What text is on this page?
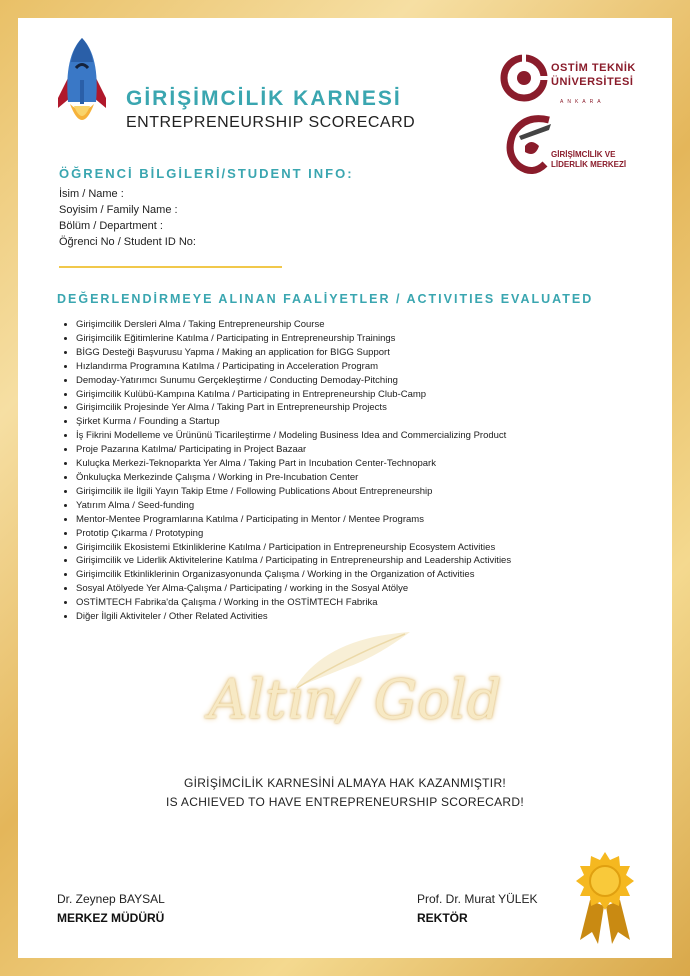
GİRİŞİMCİLİK KARNESİ
ENTREPRENEURSHIP SCORECARD
OSTİM TEKNİK
ÜNİVERSİTESİ
ANKARA
GİRİŞİMCİLİK VE
LİDERLİK MERKEZİ
ÖĞRENCİ BİLGİLERİ/STUDENT INFO:
İsim / Name :
Soyisim / Family Name :
Bölüm / Department :
Öğrenci No / Student ID No:
DEĞERLENDİRMEYE ALINAN FAALİYETLER / ACTIVITIES EVALUATED
• Girişimcilik Dersleri Alma / Taking Entrepreneurship Course
• Girişimcilik Eğitimlerine Katılma / Participating in Entrepreneurship Trainings
• BİGG Desteği Başvurusu Yapma / Making an application for BIGG Support
• Hızlandırma Programına Katılma / Participating in Acceleration Program
• Demoday-Yatırımcı Sunumu Gerçekleştirme / Conducting Demoday-Pitching
• Girişimcilik Kulübü-Kampına Katılma / Participating in Entrepreneurship Club-Camp
• Girişimcilik Projesinde Yer Alma / Taking Part in Entrepreneurship Projects
• Şirket Kurma / Founding a Startup
• İş Fikrini Modelleme ve Ürününü Ticarileştirme / Modeling Business Idea and Commercializing Product
• Proje Pazarına Katılma/ Participating in Project Bazaar
• Kuluçka Merkezi-Teknoparkta Yer Alma / Taking Part in Incubation Center-Technopark
• Önkuluçka Merkezinde Çalışma / Working in Pre-Incubation Center
• Girişimcilik ile İlgili Yayın Takip Etme / Following Publications About Entrepreneurship
• Yatırım Alma / Seed-funding
• Mentor-Mentee Programlarına Katılma / Participating in Mentor / Mentee Programs
• Prototip Çıkarma / Prototyping
• Girişimcilik Ekosistemi Etkinliklerine Katılma / Participation in Entrepreneurship Ecosystem Activities
• Girişimcilik ve Liderlik Aktivitelerine Katılma / Participating in Entrepreneurship and Leadership Activities
• Girişimcilik Etkinliklerinin Organizasyonunda Çalışma / Working in the Organization of Activities
• Sosyal Atölyede Yer Alma-Çalışma / Participating / working in the Sosyal Atölye
• OSTİMTECH Fabrika'da Çalışma / Working in the OSTİMTECH Fabrika
• Diğer İlgili Aktiviteler / Other Related Activities
Altın/ Gold
GİRİŞİMCİLİK KARNESİNİ ALMAYA HAK KAZANMIŞTIR!
IS ACHIEVED TO HAVE ENTREPRENEURSHIP SCORECARD!
Dr. Zeynep BAYSAL
MERKEZ MÜDÜRÜ
Prof. Dr. Murat YÜLEK
REKTÖR
